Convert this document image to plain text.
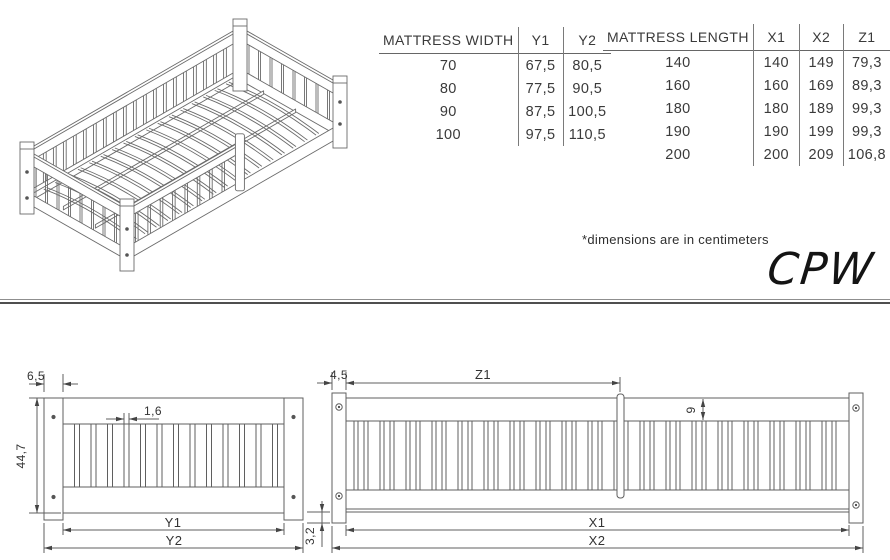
MATTRESS WIDTH	Y1	Y2
70	67,5	80,5
80	77,5	90,5
90	87,5	100,5
100	97,5	110,5
MATTRESS LENGTH	X1	X2	Z1
140	140	149	79,3
160	160	169	89,3
180	180	189	99,3
190	190	199	99,3
200	200	209	106,8
*dimensions are in centimeters
CPW
6,5
44,7
1,6
Y1
Y2
4,5	Z1
9
3,2
X1
X2
